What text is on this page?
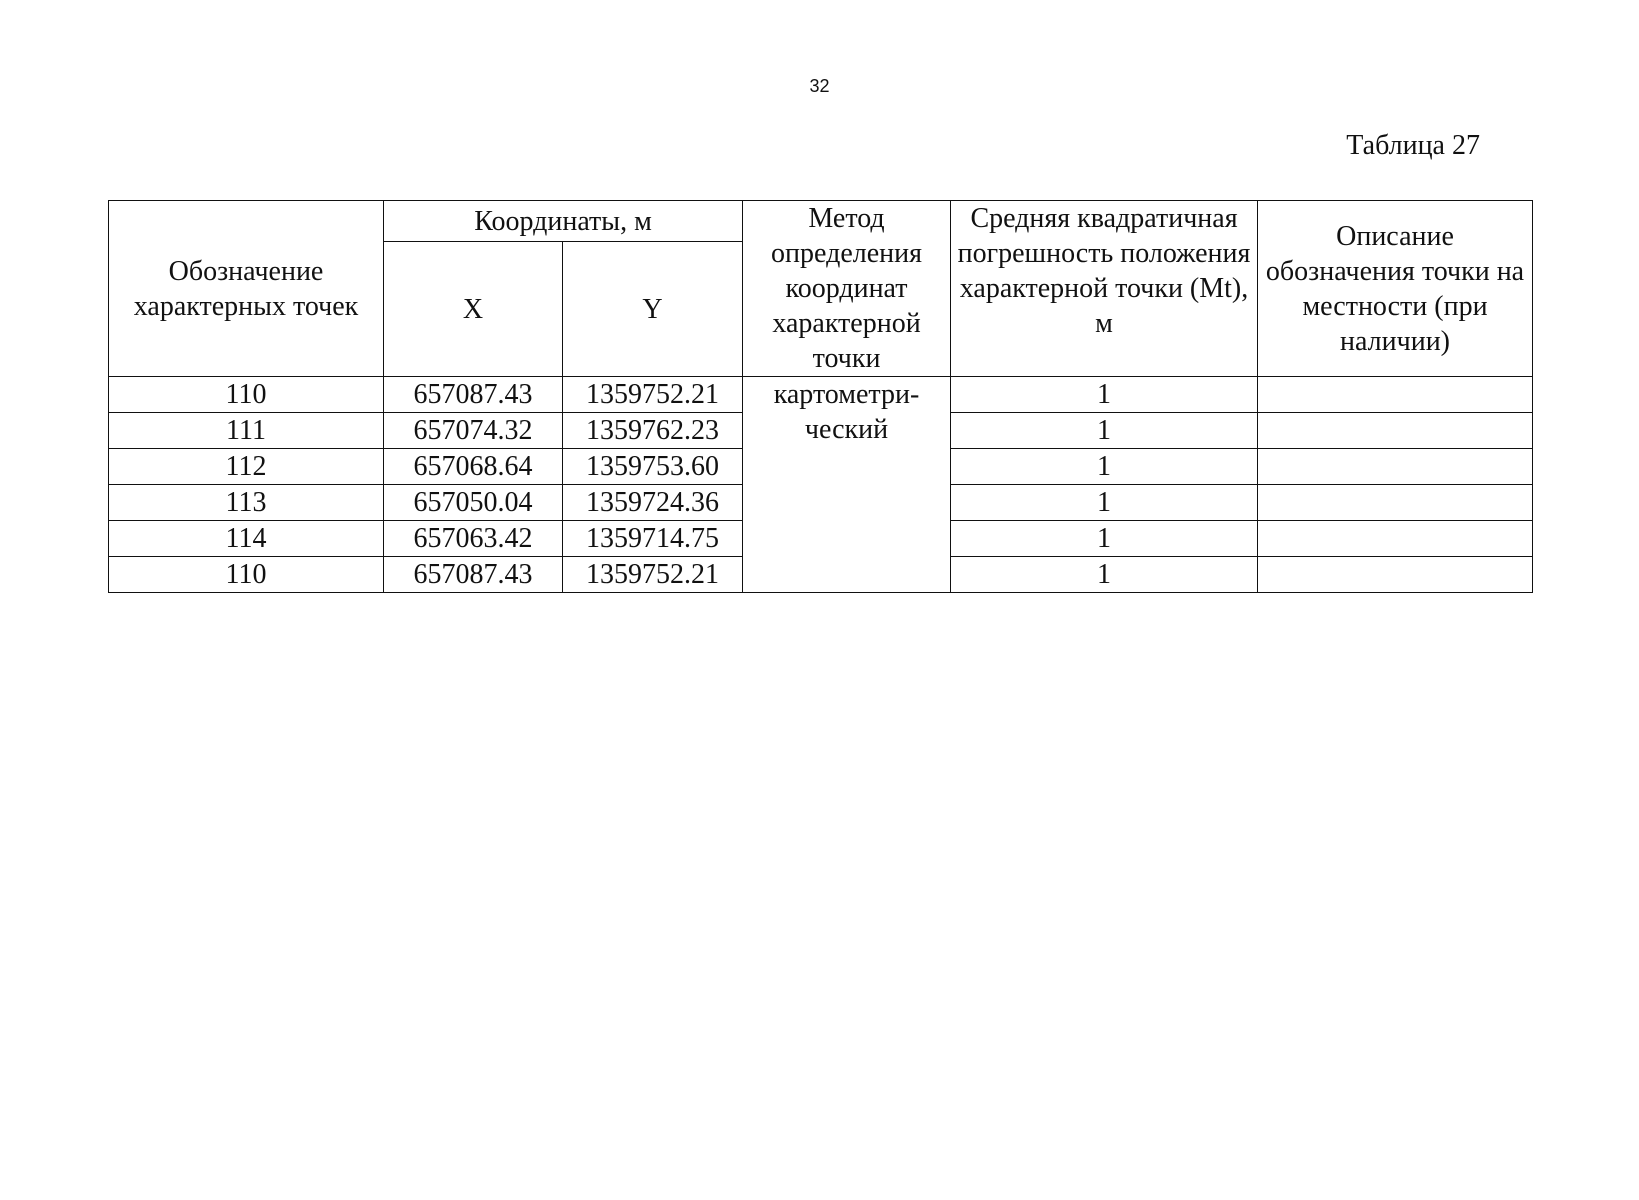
32
Таблица 27
Обозначение характерных точек	Координаты, м		Метод определения координат характерной точки	Средняя квадратичная погрешность положения характерной точки (Mt), м	Описание обозначения точки на местности (при наличии)
	X	Y			
110	657087.43	1359752.21	картометри-ческий	1	
111	657074.32	1359762.23		1	
112	657068.64	1359753.60		1	
113	657050.04	1359724.36		1	
114	657063.42	1359714.75		1	
110	657087.43	1359752.21		1	
